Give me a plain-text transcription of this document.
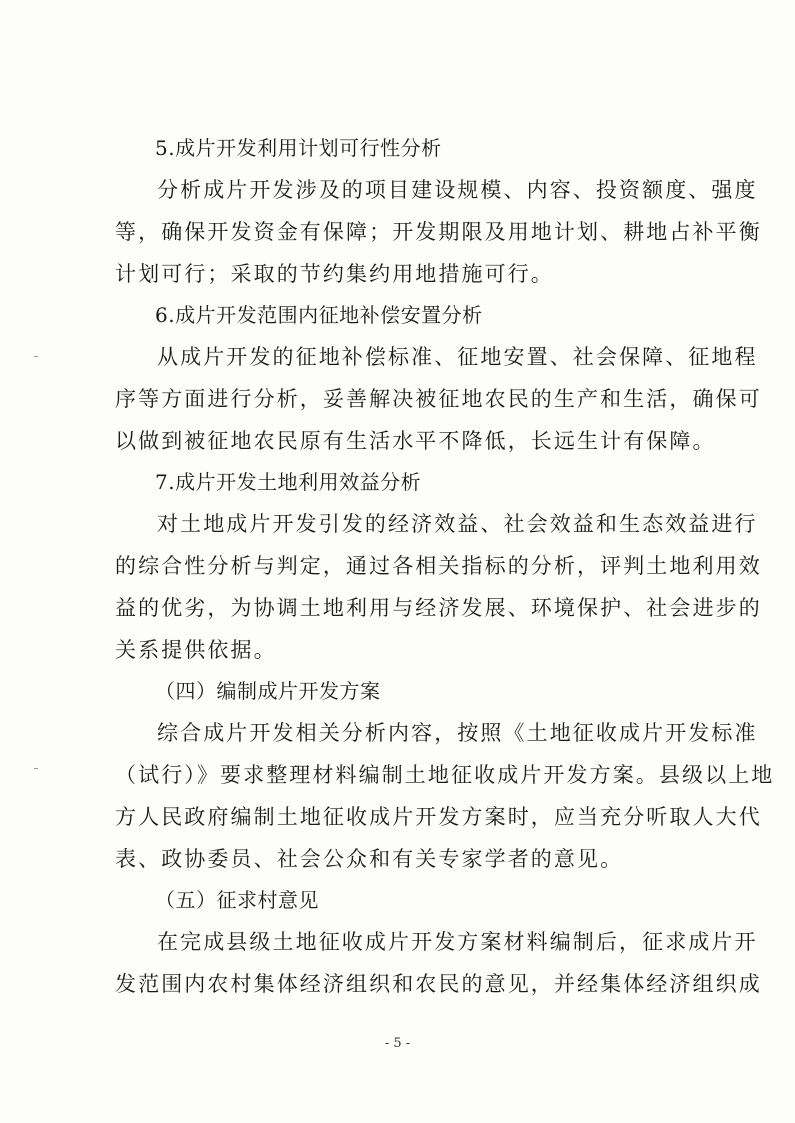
5.成片开发利用计划可行性分析
分析成片开发涉及的项目建设规模、内容、投资额度、强度
等，确保开发资金有保障；开发期限及用地计划、耕地占补平衡
计划可行；采取的节约集约用地措施可行。
6.成片开发范围内征地补偿安置分析
从成片开发的征地补偿标准、征地安置、社会保障、征地程
序等方面进行分析，妥善解决被征地农民的生产和生活，确保可
以做到被征地农民原有生活水平不降低，长远生计有保障。
7.成片开发土地利用效益分析
对土地成片开发引发的经济效益、社会效益和生态效益进行
的综合性分析与判定，通过各相关指标的分析，评判土地利用效
益的优劣，为协调土地利用与经济发展、环境保护、社会进步的
关系提供依据。
（四）编制成片开发方案
综合成片开发相关分析内容，按照《土地征收成片开发标准
（试行）》要求整理材料编制土地征收成片开发方案。县级以上地
方人民政府编制土地征收成片开发方案时，应当充分听取人大代
表、政协委员、社会公众和有关专家学者的意见。
（五）征求村意见
在完成县级土地征收成片开发方案材料编制后，征求成片开
发范围内农村集体经济组织和农民的意见，并经集体经济组织成
- 5 -
